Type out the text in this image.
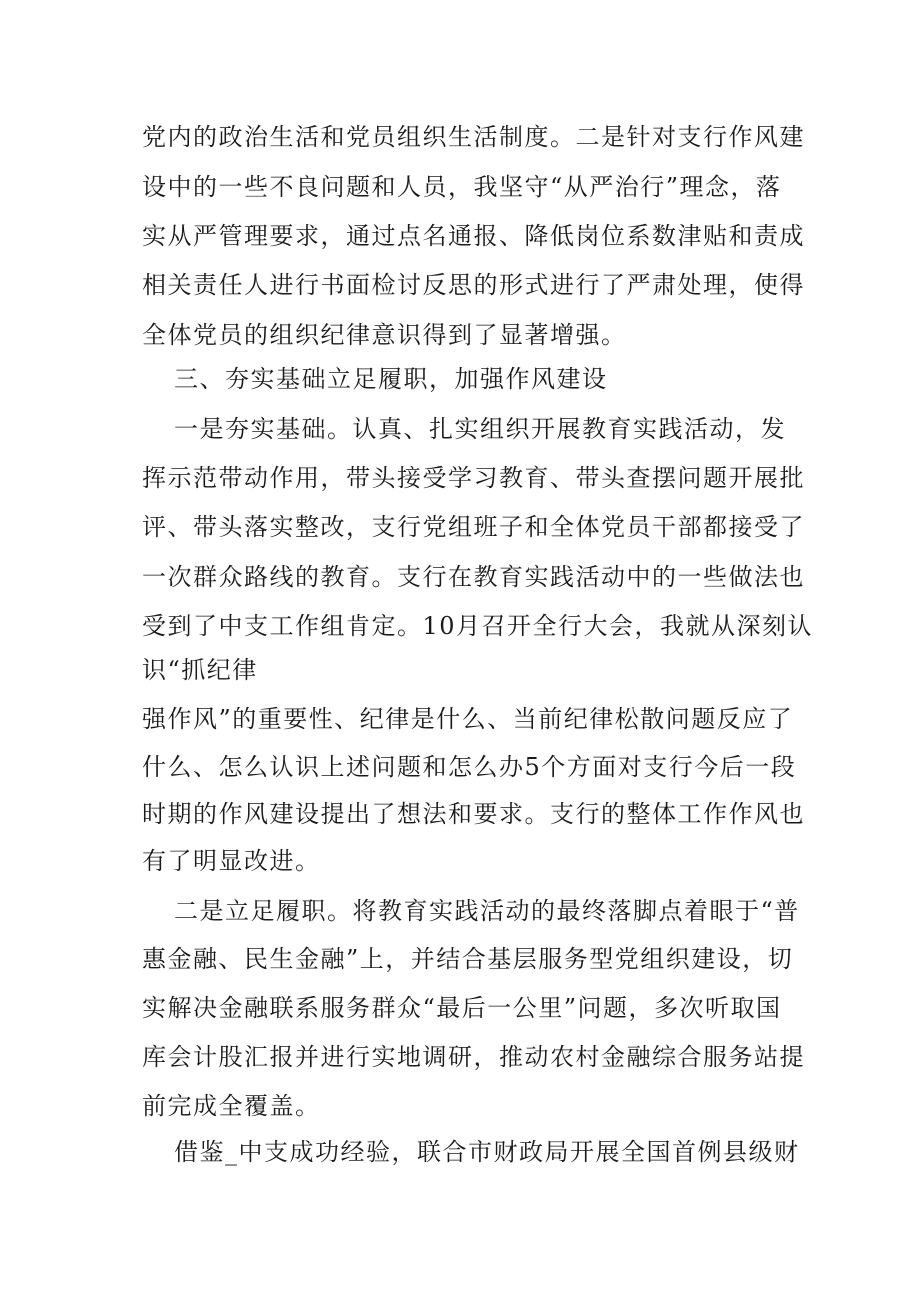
党内的政治生活和党员组织生活制度。二是针对支行作风建
设中的一些不良问题和人员，我坚守“从严治行”理念，落
实从严管理要求，通过点名通报、降低岗位系数津贴和责成
相关责任人进行书面检讨反思的形式进行了严肃处理，使得
全体党员的组织纪律意识得到了显著增强。
三、夯实基础立足履职，加强作风建设
一是夯实基础。认真、扎实组织开展教育实践活动，发
挥示范带动作用，带头接受学习教育、带头查摆问题开展批
评、带头落实整改，支行党组班子和全体党员干部都接受了
一次群众路线的教育。支行在教育实践活动中的一些做法也
受到了中支工作组肯定。10月召开全行大会，我就从深刻认
识“抓纪律
强作风”的重要性、纪律是什么、当前纪律松散问题反应了
什么、怎么认识上述问题和怎么办5个方面对支行今后一段
时期的作风建设提出了想法和要求。支行的整体工作作风也
有了明显改进。
二是立足履职。将教育实践活动的最终落脚点着眼于“普
惠金融、民生金融”上，并结合基层服务型党组织建设，切
实解决金融联系服务群众“最后一公里”问题，多次听取国
库会计股汇报并进行实地调研，推动农村金融综合服务站提
前完成全覆盖。
借鉴_中支成功经验，联合市财政局开展全国首例县级财
